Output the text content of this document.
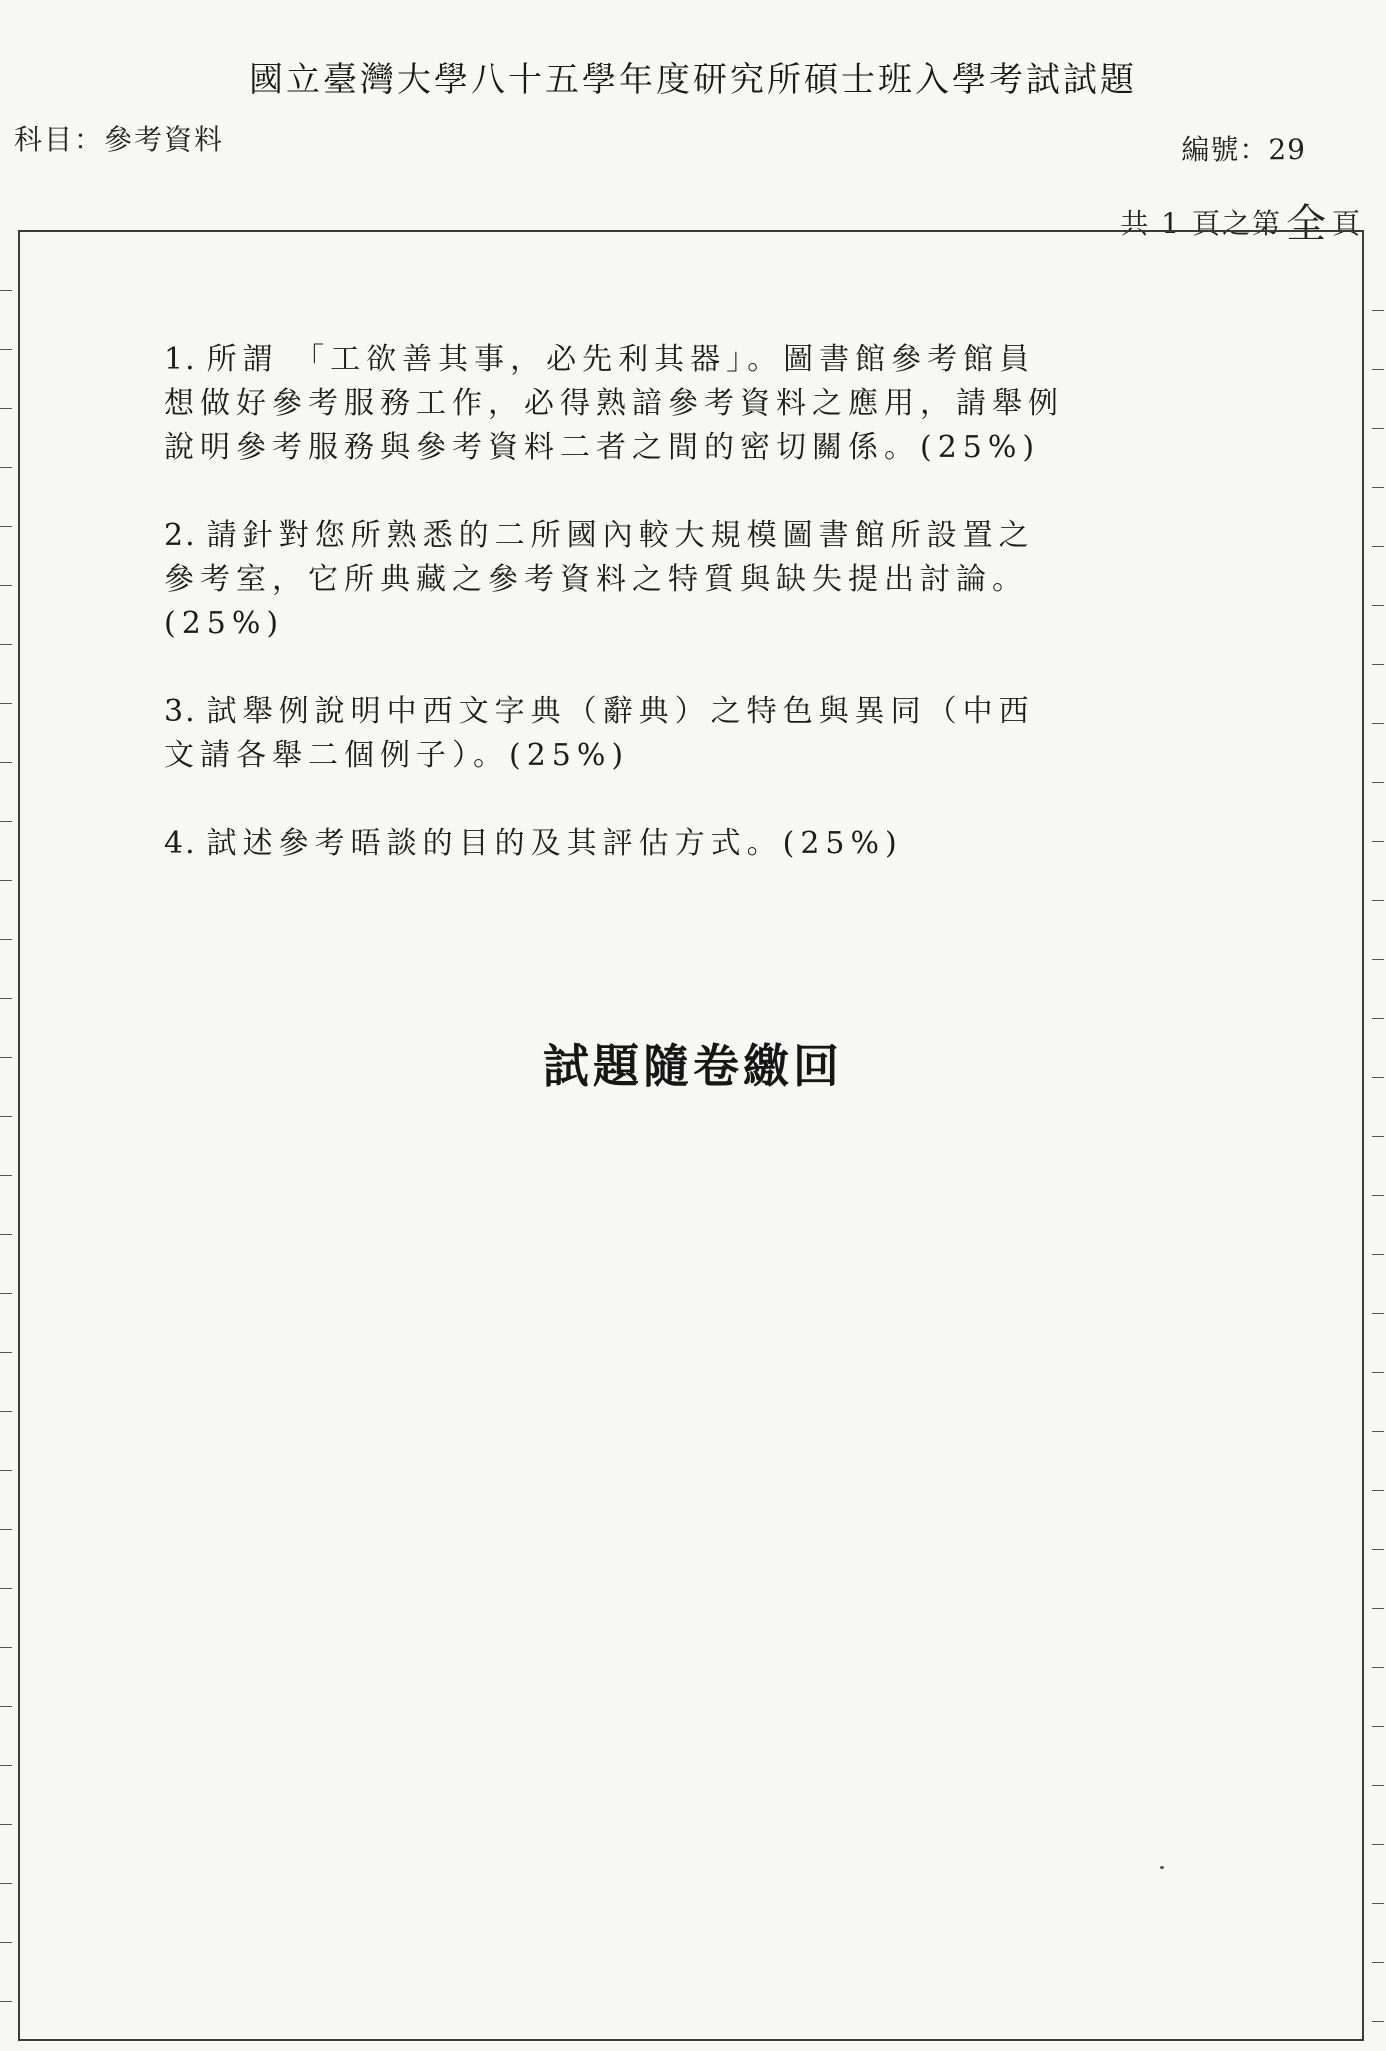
國立臺灣大學八十五學年度研究所碩士班入學考試試題
科目：參考資料	編號：29
共 1 頁之第 全 頁
1. 所謂 「工欲善其事，必先利其器」。圖書館參考館員想做好參考服務工作，必得熟諳參考資料之應用，請舉例說明參考服務與參考資料二者之間的密切關係。(25%)
2. 請針對您所熟悉的二所國內較大規模圖書館所設置之參考室，它所典藏之參考資料之特質與缺失提出討論。(25%)
3. 試舉例說明中西文字典（辭典）之特色與異同（中西文請各舉二個例子）。(25%)
4. 試述參考晤談的目的及其評估方式。(25%)
試題隨卷繳回
